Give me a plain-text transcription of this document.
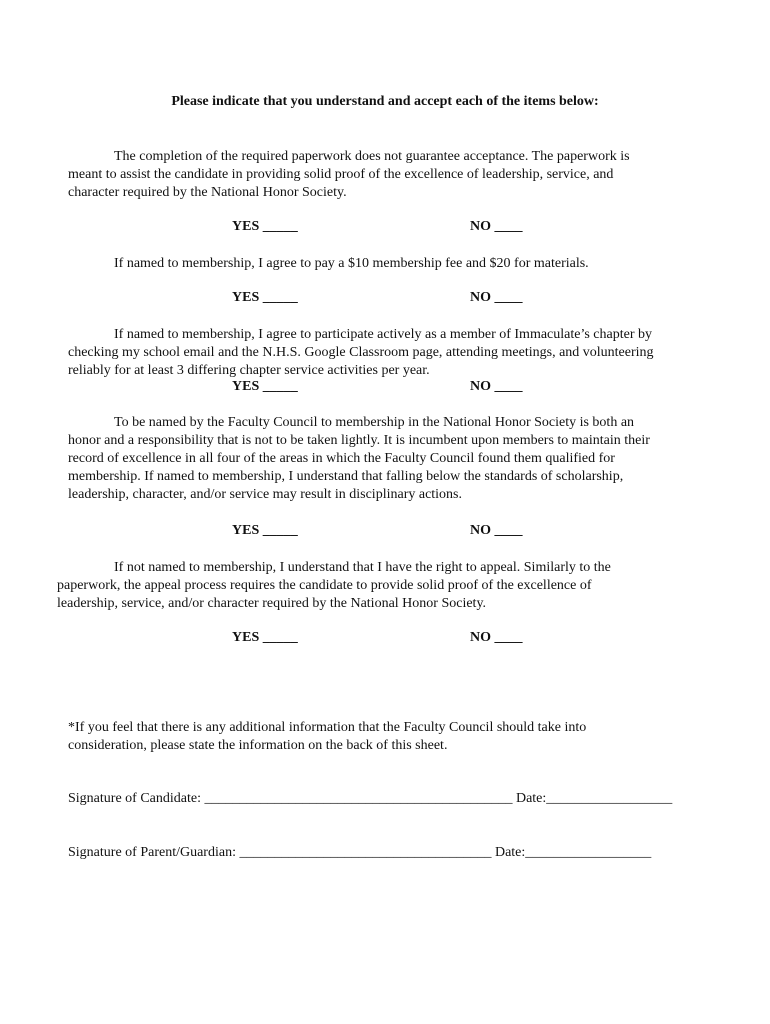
Please indicate that you understand and accept each of the items below:
The completion of the required paperwork does not guarantee acceptance. The paperwork is
meant to assist the candidate in providing solid proof of the excellence of leadership, service, and
character required by the National Honor Society.
YES _____	NO ____
If named to membership, I agree to pay a $10 membership fee and $20 for materials.
YES _____	NO ____
If named to membership, I agree to participate actively as a member of Immaculate’s chapter by
checking my school email and the N.H.S. Google Classroom page, attending meetings, and volunteering
reliably for at least 3 differing chapter service activities per year.
YES _____	NO ____
To be named by the Faculty Council to membership in the National Honor Society is both an
honor and a responsibility that is not to be taken lightly. It is incumbent upon members to maintain their
record of excellence in all four of the areas in which the Faculty Council found them qualified for
membership. If named to membership, I understand that falling below the standards of scholarship,
leadership, character, and/or service may result in disciplinary actions.
YES _____	NO ____
If not named to membership, I understand that I have the right to appeal. Similarly to the
paperwork, the appeal process requires the candidate to provide solid proof of the excellence of
leadership, service, and/or character required by the National Honor Society.
YES _____	NO ____
*If you feel that there is any additional information that the Faculty Council should take into
consideration, please state the information on the back of this sheet.
Signature of Candidate: ____________________________________________ Date:__________________
Signature of Parent/Guardian: ____________________________________ Date:__________________
